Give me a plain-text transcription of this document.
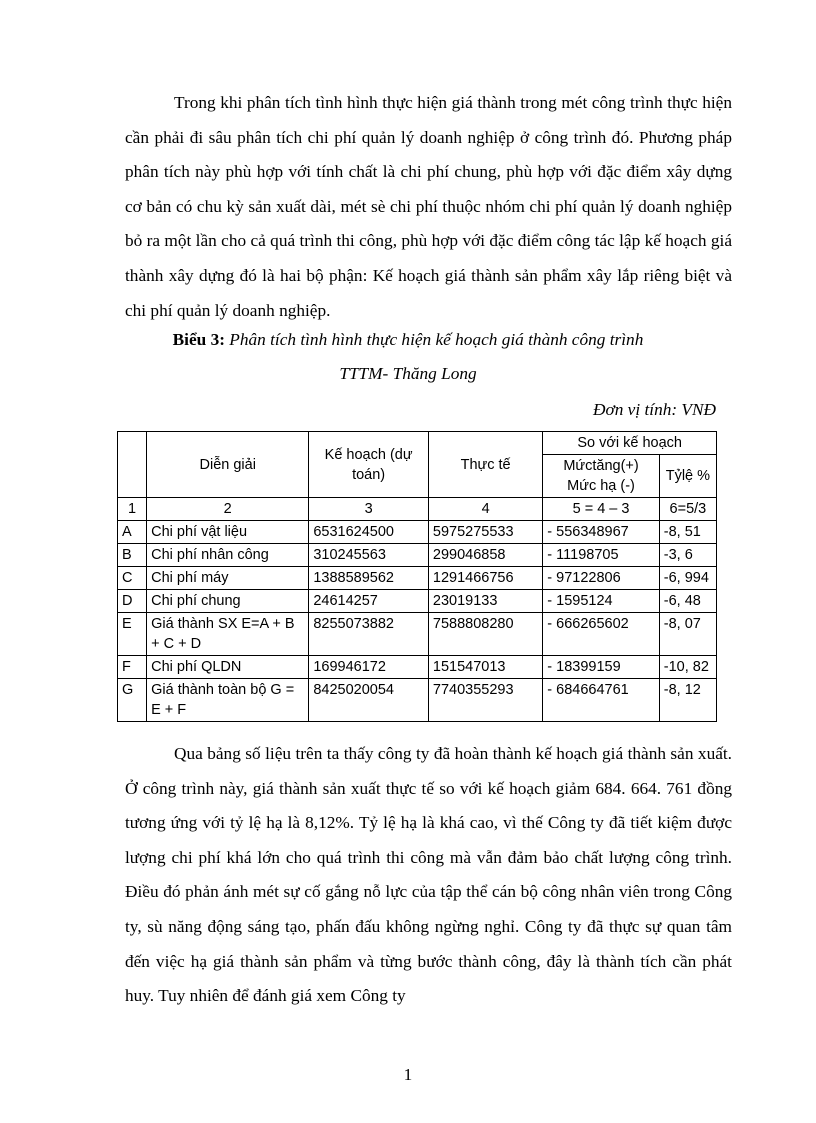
Trong khi phân tích tình hình thực hiện giá thành trong mét công trình thực hiện cần phải đi sâu phân tích chi phí quản lý doanh nghiệp ở công trình đó. Phương pháp phân tích này phù hợp với tính chất là chi phí chung, phù hợp với đặc điểm xây dựng cơ bản có chu kỳ sản xuất dài, mét sè chi phí thuộc nhóm chi phí quản lý doanh nghiệp bỏ ra một lần cho cả quá trình thi công, phù hợp với đặc điểm công tác lập kế hoạch giá thành xây dựng đó là hai bộ phận: Kế hoạch giá thành sản phẩm xây lắp riêng biệt và chi phí quản lý doanh nghiệp.

Biểu 3: Phân tích tình hình thực hiện kế hoạch giá thành công trình

TTTM- Thăng Long

Đơn vị tính: VNĐ

	Diễn giải	Kế hoạch (dự toán)	Thực tế	So với kế hoạch	
				Mứctăng(+) Mức hạ (-)	Tỷlệ %
1	2	3	4	5 = 4 – 3	6=5/3
A	Chi phí vật liệu	6531624500	5975275533	- 556348967	-8, 51
B	Chi phí nhân công	310245563	299046858	- 11198705	-3, 6
C	Chi phí máy	1388589562	1291466756	- 97122806	-6, 994
D	Chi phí chung	24614257	23019133	- 1595124	-6, 48
E	Giá thành SX E=A + B + C + D	8255073882	7588808280	- 666265602	-8, 07
F	Chi phí QLDN	169946172	151547013	- 18399159	-10, 82
G	Giá thành toàn bộ G = E + F	8425020054	7740355293	- 684664761	-8, 12

Qua bảng số liệu trên ta thấy công ty đã hoàn thành kế hoạch giá thành sản xuất. Ở công trình này, giá thành sản xuất thực tế so với kế hoạch giảm 684. 664. 761 đồng tương ứng với tỷ lệ hạ là 8,12%. Tỷ lệ hạ là khá cao, vì thế Công ty đã tiết kiệm được lượng chi phí khá lớn cho quá trình thi công mà vẫn đảm bảo chất lượng công trình. Điều đó phản ánh mét sự cố gắng nỗ lực của tập thể cán bộ công nhân viên trong Công ty, sù năng động sáng tạo, phấn đấu không ngừng nghỉ. Công ty đã thực sự quan tâm đến việc hạ giá thành sản phẩm và từng bước thành công, đây là thành tích cần phát huy. Tuy nhiên để đánh giá xem Công ty

1
